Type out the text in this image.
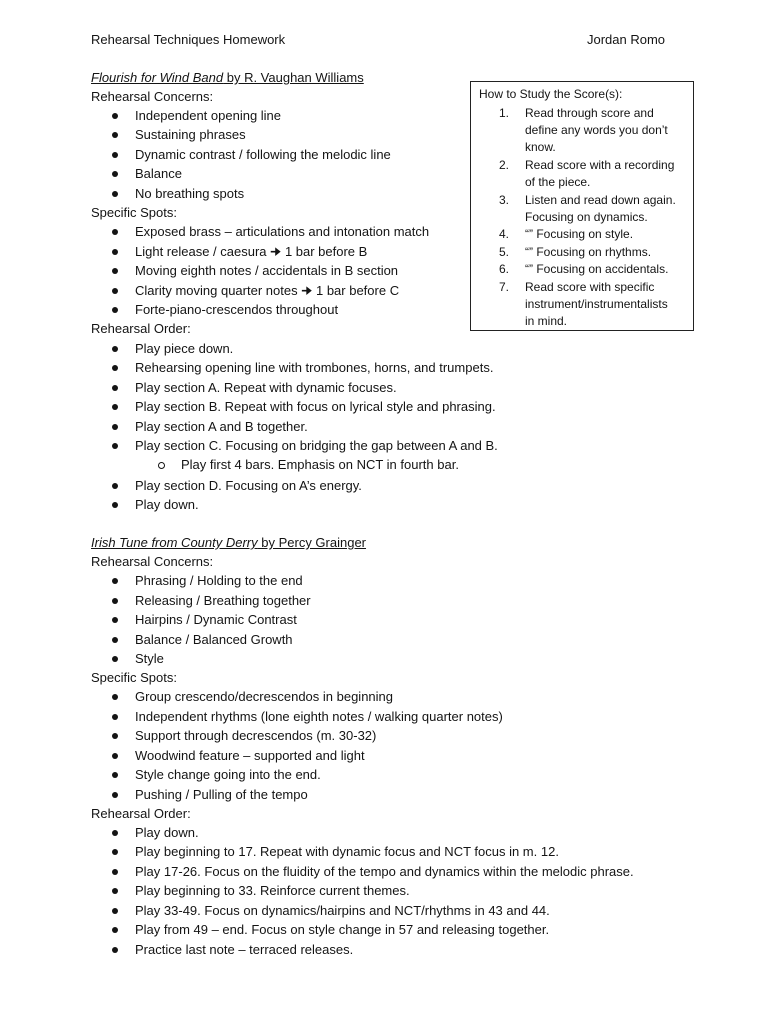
Rehearsal Techniques Homework	Jordan Romo
How to Study the Score(s):
1. Read through score and
define any words you don’t
know.
2. Read score with a recording
of the piece.
3. Listen and read down again.
Focusing on dynamics.
4. “” Focusing on style.
5. “” Focusing on rhythms.
6. “” Focusing on accidentals.
7. Read score with specific
instrument/instrumentalists
in mind.
Flourish for Wind Band by R. Vaughan Williams
Rehearsal Concerns:
Independent opening line
Sustaining phrases
Dynamic contrast / following the melodic line
Balance
No breathing spots
Specific Spots:
Exposed brass – articulations and intonation match
Light release / caesura 🠊 1 bar before B
Moving eighth notes / accidentals in B section
Clarity moving quarter notes 🠊 1 bar before C
Forte-piano-crescendos throughout
Rehearsal Order:
Play piece down.
Rehearsing opening line with trombones, horns, and trumpets.
Play section A. Repeat with dynamic focuses.
Play section B. Repeat with focus on lyrical style and phrasing.
Play section A and B together.
Play section C. Focusing on bridging the gap between A and B.
Play first 4 bars. Emphasis on NCT in fourth bar.
Play section D. Focusing on A’s energy.
Play down.
Irish Tune from County Derry by Percy Grainger
Rehearsal Concerns:
Phrasing / Holding to the end
Releasing / Breathing together
Hairpins / Dynamic Contrast
Balance / Balanced Growth
Style
Specific Spots:
Group crescendo/decrescendos in beginning
Independent rhythms (lone eighth notes / walking quarter notes)
Support through decrescendos (m. 30-32)
Woodwind feature – supported and light
Style change going into the end.
Pushing / Pulling of the tempo
Rehearsal Order:
Play down.
Play beginning to 17. Repeat with dynamic focus and NCT focus in m. 12.
Play 17-26. Focus on the fluidity of the tempo and dynamics within the melodic phrase.
Play beginning to 33. Reinforce current themes.
Play 33-49. Focus on dynamics/hairpins and NCT/rhythms in 43 and 44.
Play from 49 – end. Focus on style change in 57 and releasing together.
Practice last note – terraced releases.
